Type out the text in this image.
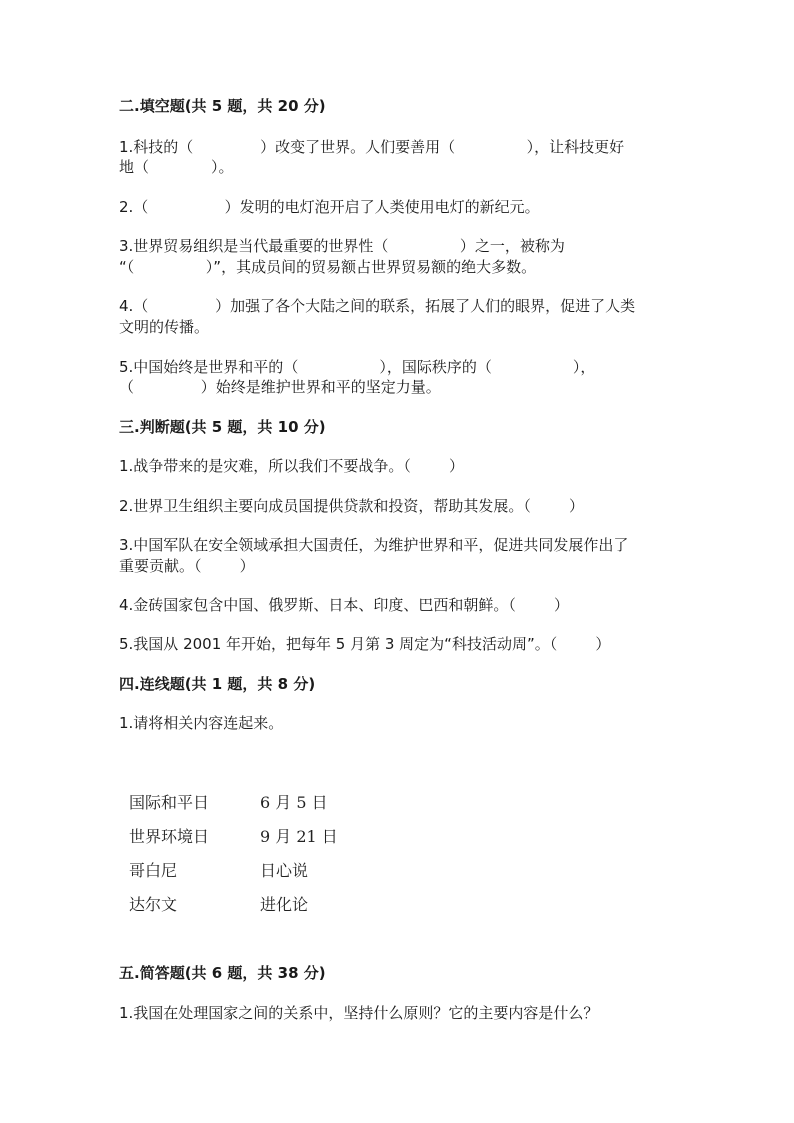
二.填空题(共 5 题，共 20 分)
1.科技的（              ）改变了世界。人们要善用（               ），让科技更好
地（             ）。
2.（                ）发明的电灯泡开启了人类使用电灯的新纪元。
3.世界贸易组织是当代最重要的世界性（               ）之一，被称为
“（               ）”，其成员间的贸易额占世界贸易额的绝大多数。
4.（              ）加强了各个大陆之间的联系，拓展了人们的眼界，促进了人类
文明的传播。
5.中国始终是世界和平的（                 ），国际秩序的（                 ），
（              ）始终是维护世界和平的坚定力量。
三.判断题(共 5 题，共 10 分)
1.战争带来的是灾难，所以我们不要战争。（        ）
2.世界卫生组织主要向成员国提供贷款和投资，帮助其发展。（        ）
3.中国军队在安全领域承担大国责任，为维护世界和平，促进共同发展作出了
重要贡献。（        ）
4.金砖国家包含中国、俄罗斯、日本、印度、巴西和朝鲜。（        ）
5.我国从 2001 年开始，把每年 5 月第 3 周定为“科技活动周”。（        ）
四.连线题(共 1 题，共 8 分)
1.请将相关内容连起来。
国际和平日
世界环境日
哥白尼
达尔文
6 月 5 日
9 月 21 日
日心说
进化论
五.简答题(共 6 题，共 38 分)
1.我国在处理国家之间的关系中，坚持什么原则？它的主要内容是什么？
